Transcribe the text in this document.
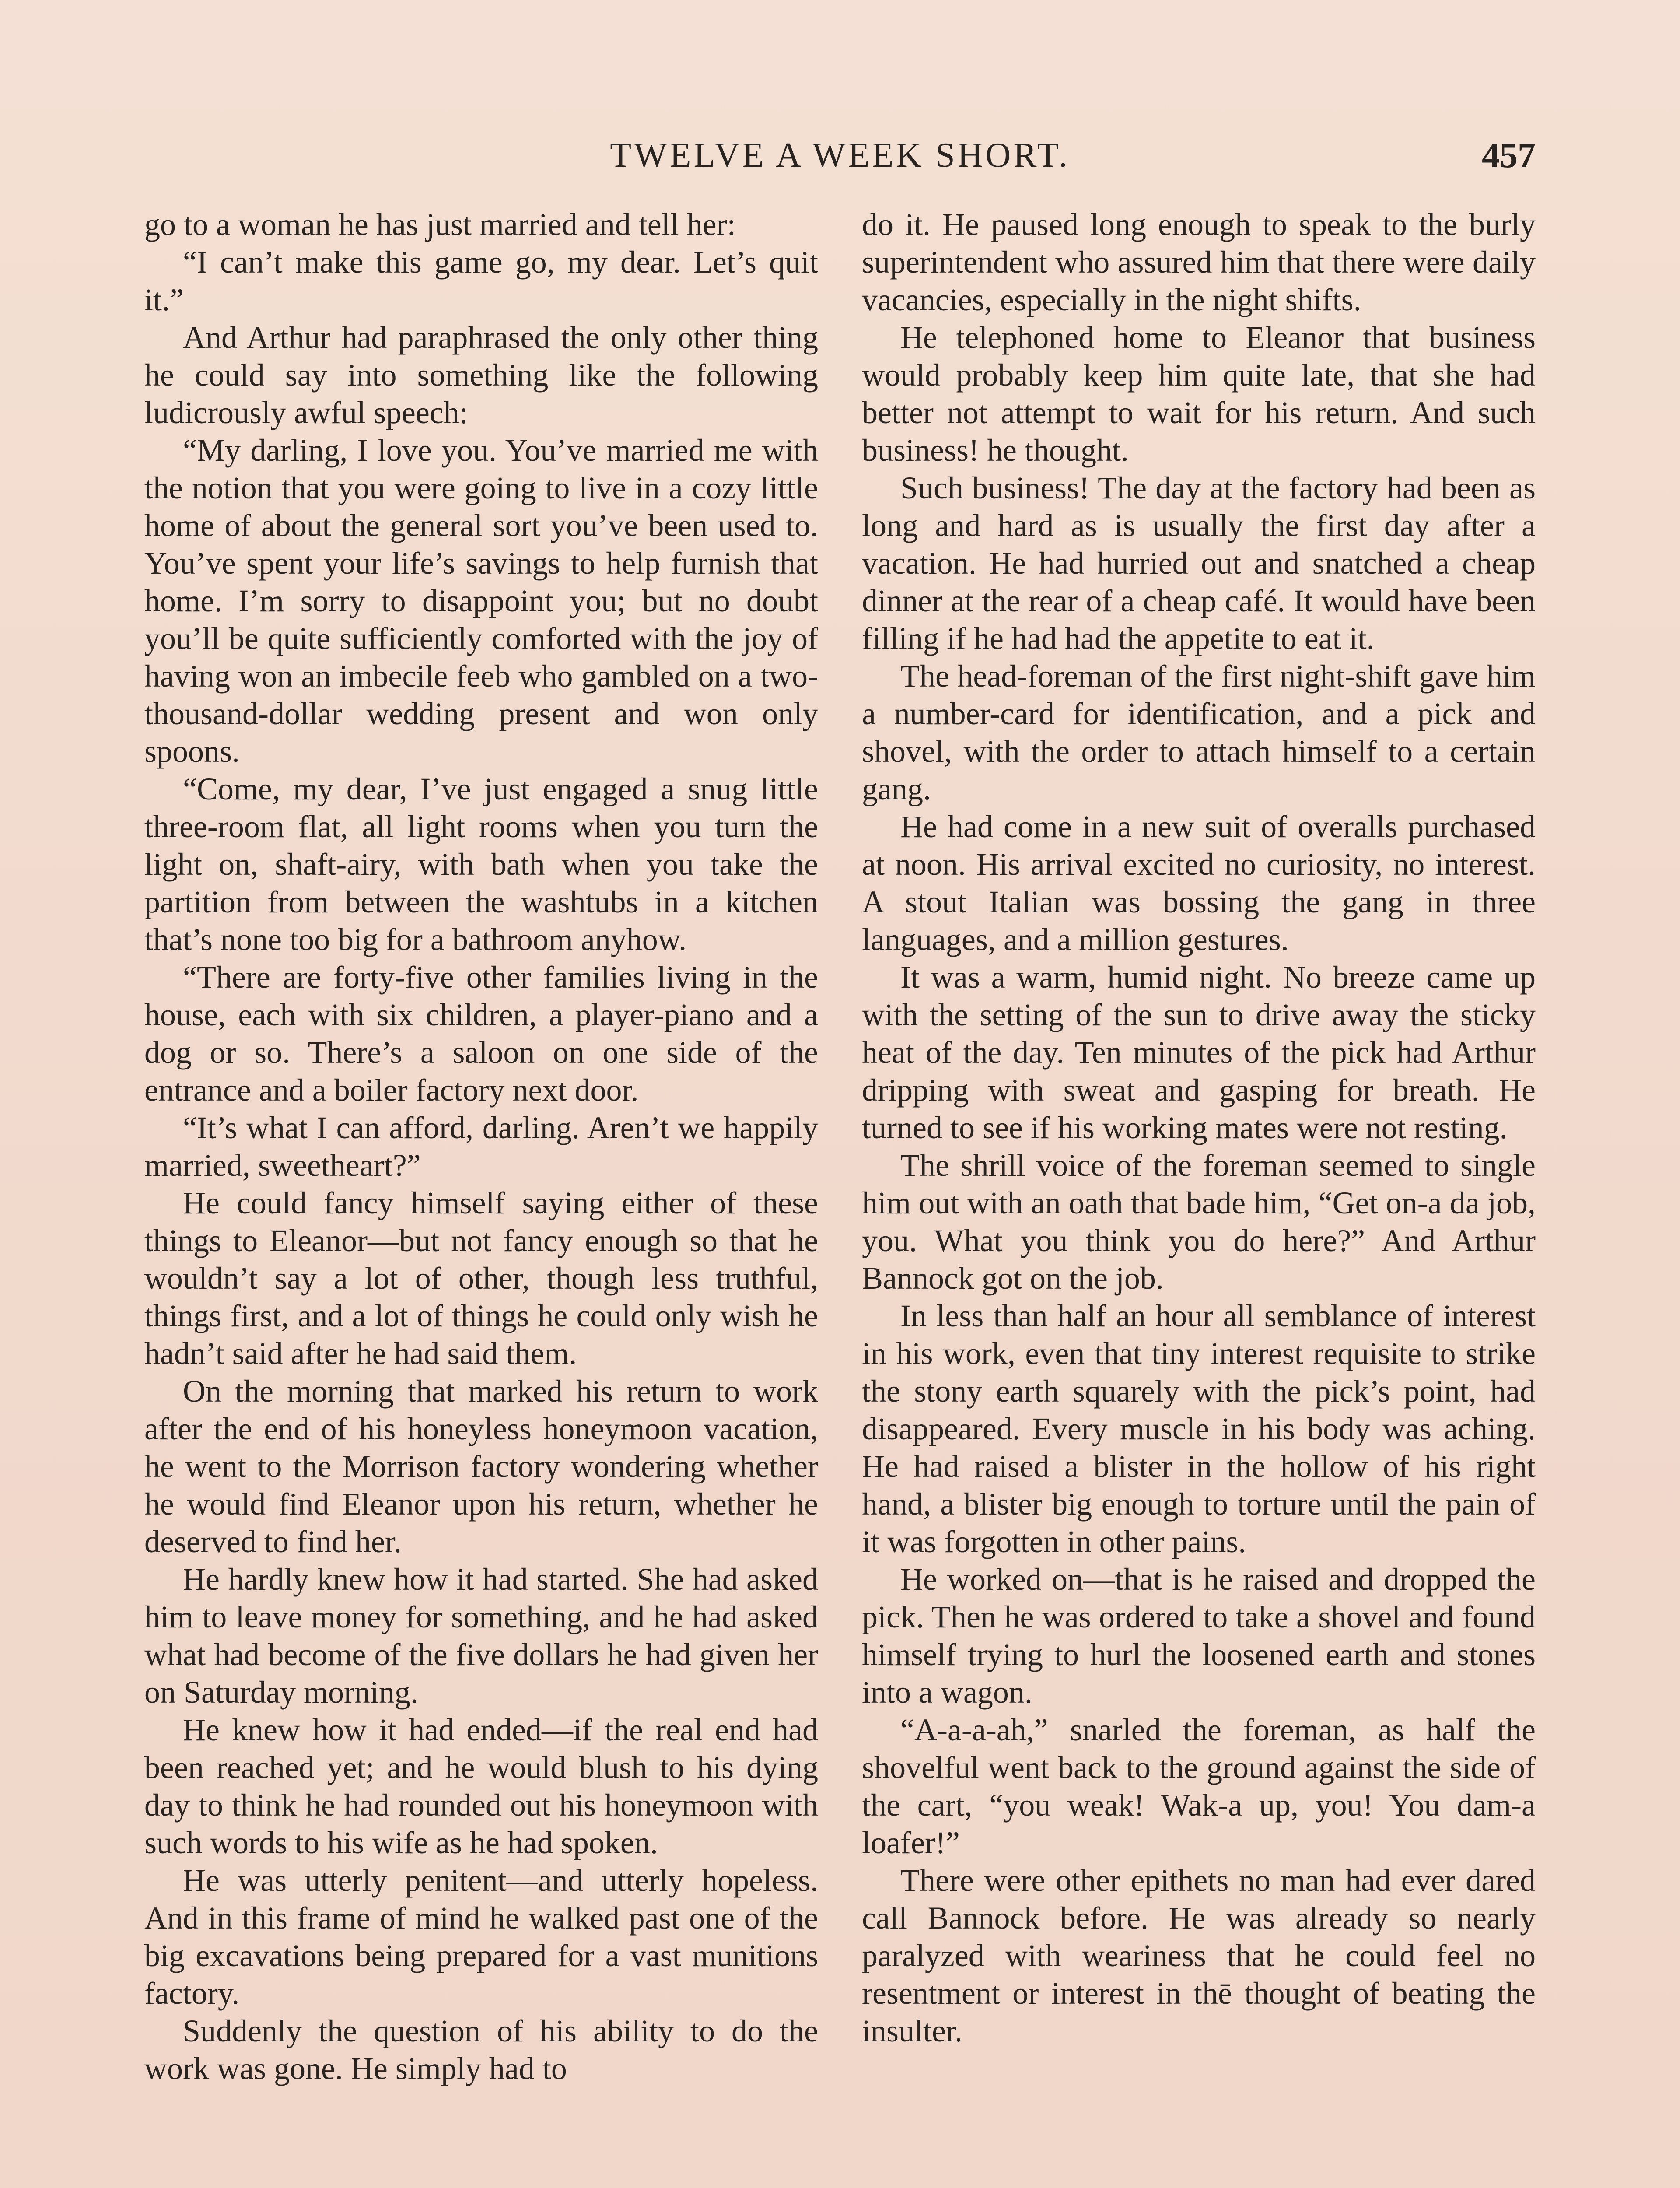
TWELVE A WEEK SHORT.	457

go to a woman he has just married and tell her:

“I can’t make this game go, my dear. Let’s quit it.”

And Arthur had paraphrased the only other thing he could say into something like the following ludicrously awful speech:

“My darling, I love you. You’ve married me with the notion that you were going to live in a cozy little home of about the general sort you’ve been used to. You’ve spent your life’s savings to help furnish that home. I’m sorry to disappoint you; but no doubt you’ll be quite sufficiently comforted with the joy of having won an imbecile feeb who gambled on a two-thousand-dollar wedding present and won only spoons.

“Come, my dear, I’ve just engaged a snug little three-room flat, all light rooms when you turn the light on, shaft-airy, with bath when you take the partition from between the washtubs in a kitchen that’s none too big for a bathroom anyhow.

“There are forty-five other families living in the house, each with six children, a player-piano and a dog or so. There’s a saloon on one side of the entrance and a boiler factory next door.

“It’s what I can afford, darling. Aren’t we happily married, sweetheart?”

He could fancy himself saying either of these things to Eleanor—but not fancy enough so that he wouldn’t say a lot of other, though less truthful, things first, and a lot of things he could only wish he hadn’t said after he had said them.

On the morning that marked his return to work after the end of his honeyless honeymoon vacation, he went to the Morrison factory wondering whether he would find Eleanor upon his return, whether he deserved to find her.

He hardly knew how it had started. She had asked him to leave money for something, and he had asked what had become of the five dollars he had given her on Saturday morning.

He knew how it had ended—if the real end had been reached yet; and he would blush to his dying day to think he had rounded out his honeymoon with such words to his wife as he had spoken.

He was utterly penitent—and utterly hopeless. And in this frame of mind he walked past one of the big excavations being prepared for a vast munitions factory.

Suddenly the question of his ability to do the work was gone. He simply had to

do it. He paused long enough to speak to the burly superintendent who assured him that there were daily vacancies, especially in the night shifts.

He telephoned home to Eleanor that business would probably keep him quite late, that she had better not attempt to wait for his return. And such business! he thought.

Such business! The day at the factory had been as long and hard as is usually the first day after a vacation. He had hurried out and snatched a cheap dinner at the rear of a cheap café. It would have been filling if he had had the appetite to eat it.

The head-foreman of the first night-shift gave him a number-card for identification, and a pick and shovel, with the order to attach himself to a certain gang.

He had come in a new suit of overalls purchased at noon. His arrival excited no curiosity, no interest. A stout Italian was bossing the gang in three languages, and a million gestures.

It was a warm, humid night. No breeze came up with the setting of the sun to drive away the sticky heat of the day. Ten minutes of the pick had Arthur dripping with sweat and gasping for breath. He turned to see if his working mates were not resting.

The shrill voice of the foreman seemed to single him out with an oath that bade him, “Get on-a da job, you. What you think you do here?” And Arthur Bannock got on the job.

In less than half an hour all semblance of interest in his work, even that tiny interest requisite to strike the stony earth squarely with the pick’s point, had disappeared. Every muscle in his body was aching. He had raised a blister in the hollow of his right hand, a blister big enough to torture until the pain of it was forgotten in other pains.

He worked on—that is he raised and dropped the pick. Then he was ordered to take a shovel and found himself trying to hurl the loosened earth and stones into a wagon.

“A-a-a-ah,” snarled the foreman, as half the shovelful went back to the ground against the side of the cart, “you weak! Wak-a up, you! You dam-a loafer!”

There were other epithets no man had ever dared call Bannock before. He was already so nearly paralyzed with weariness that he could feel no resentment or interest in thē thought of beating the insulter.
